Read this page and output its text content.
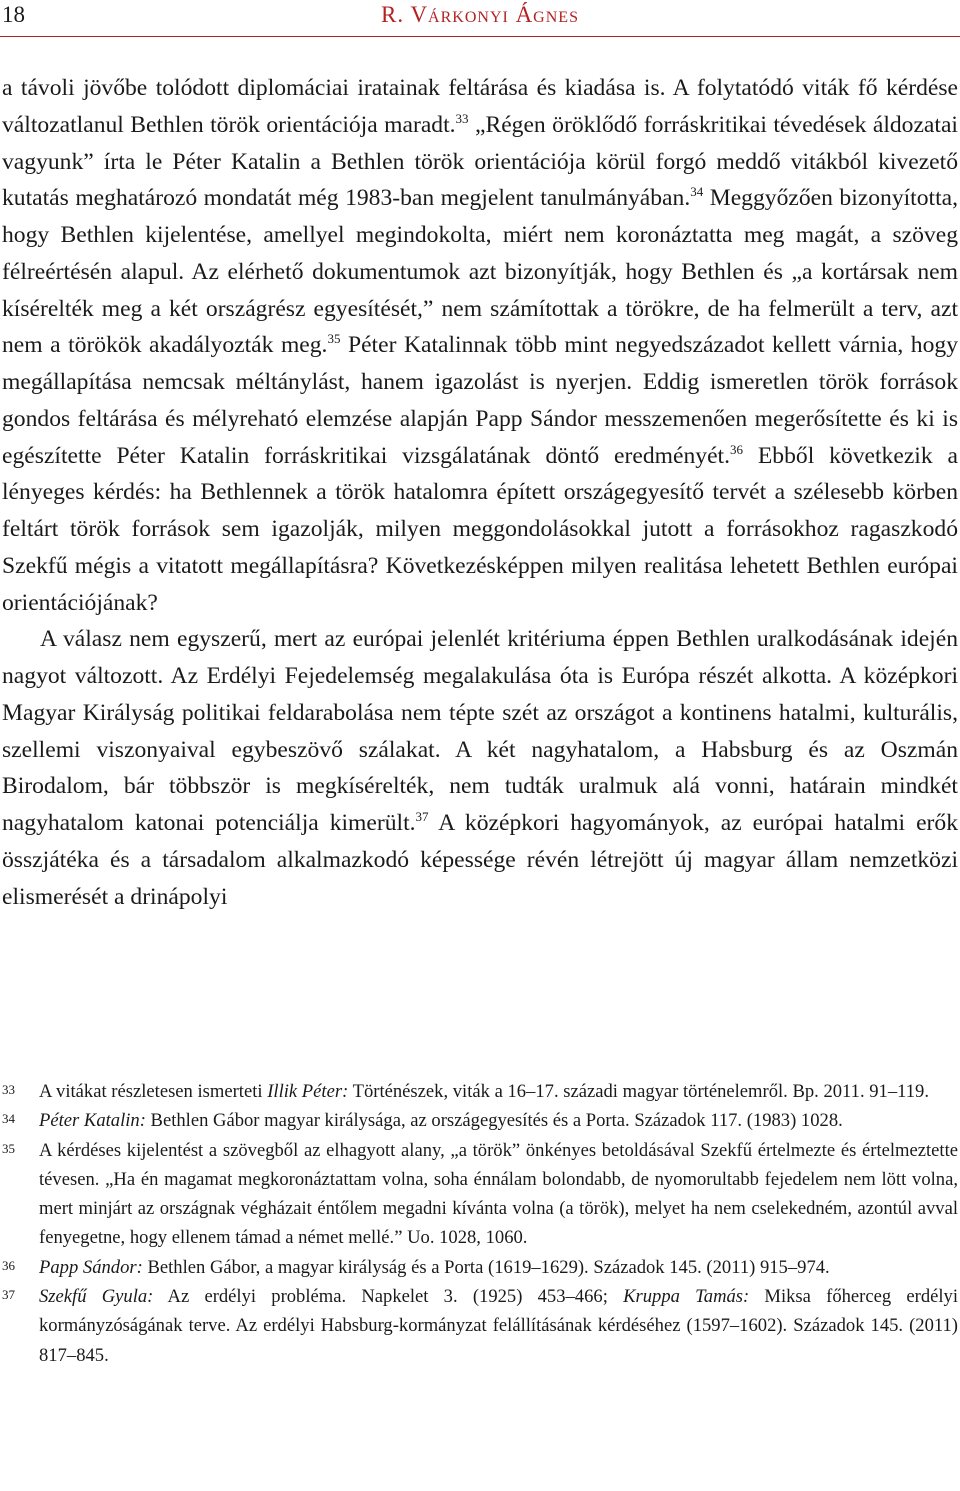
18	R. Várkonyi Ágnes

a távoli jövőbe tolódott diplomáciai iratainak feltárása és kiadása is. A folytatódó viták fő kérdése változatlanul Bethlen török orientációja maradt.$^{33}$ „Régen öröklődő forráskritikai tévedések áldozatai vagyunk” írta le Péter Katalin a Bethlen török orientációja körül forgó meddő vitákból kivezető kutatás meghatározó mondatát még 1983-ban megjelent tanulmányában.$^{34}$ Meggyőzően bizonyította, hogy Bethlen kijelentése, amellyel megindokolta, miért nem koronáztatta meg magát, a szöveg félreértésén alapul. Az elérhető dokumentumok azt bizonyítják, hogy Bethlen és „a kortársak nem kísérelték meg a két országrész egyesítését,” nem számítottak a törökre, de ha felmerült a terv, azt nem a törökök akadályozták meg.$^{35}$ Péter Katalinnak több mint negyedszázadot kellett várnia, hogy megállapítása nemcsak méltánylást, hanem igazolást is nyerjen. Eddig ismeretlen török források gondos feltárása és mélyreható elemzése alapján Papp Sándor messzemenően megerősítette és ki is egészítette Péter Katalin forráskritikai vizsgálatának döntő eredményét.$^{36}$ Ebből következik a lényeges kérdés: ha Bethlennek a török hatalomra épített országegyesítő tervét a szélesebb körben feltárt török források sem igazolják, milyen meggondolásokkal jutott a forrásokhoz ragaszkodó Szekfű mégis a vitatott megállapításra? Következésképpen milyen realitása lehetett Bethlen európai orientációjának?

A válasz nem egyszerű, mert az európai jelenlét kritériuma éppen Bethlen uralkodásának idején nagyot változott. Az Erdélyi Fejedelemség megalakulása óta is Európa részét alkotta. A középkori Magyar Királyság politikai feldarabolása nem tépte szét az országot a kontinens hatalmi, kulturális, szellemi viszonyaival egybeszövő szálakat. A két nagyhatalom, a Habsburg és az Oszmán Birodalom, bár többször is megkísérelték, nem tudták uralmuk alá vonni, határain mindkét nagyhatalom katonai potenciálja kimerült.$^{37}$ A középkori hagyományok, az európai hatalmi erők összjátéka és a társadalom alkalmazkodó képessége révén létrejött új magyar állam nemzetközi elismerését a drinápolyi

33 A vitákat részletesen ismerteti Illik Péter: Történészek, viták a 16–17. századi magyar történelemről. Bp. 2011. 91–119.
34 Péter Katalin: Bethlen Gábor magyar királysága, az országegyesítés és a Porta. Századok 117. (1983) 1028.
35 A kérdéses kijelentést a szövegből az elhagyott alany, „a török” önkényes betoldásával Szekfű értelmezte és értelmeztette tévesen. „Ha én magamat megkoronáztattam volna, soha énnálam bolondabb, de nyomorultabb fejedelem nem lött volna, mert minjárt az országnak végházait éntőlem megadni kívánta volna (a török), melyet ha nem cselekedném, azontúl avval fenyegetne, hogy ellenem támad a német mellé.” Uo. 1028, 1060.
36 Papp Sándor: Bethlen Gábor, a magyar királyság és a Porta (1619–1629). Századok 145. (2011) 915–974.
37 Szekfű Gyula: Az erdélyi probléma. Napkelet 3. (1925) 453–466; Kruppa Tamás: Miksa főherceg erdélyi kormányzóságának terve. Az erdélyi Habsburg-kormányzat felállításának kérdéséhez (1597–1602). Századok 145. (2011) 817–845.
